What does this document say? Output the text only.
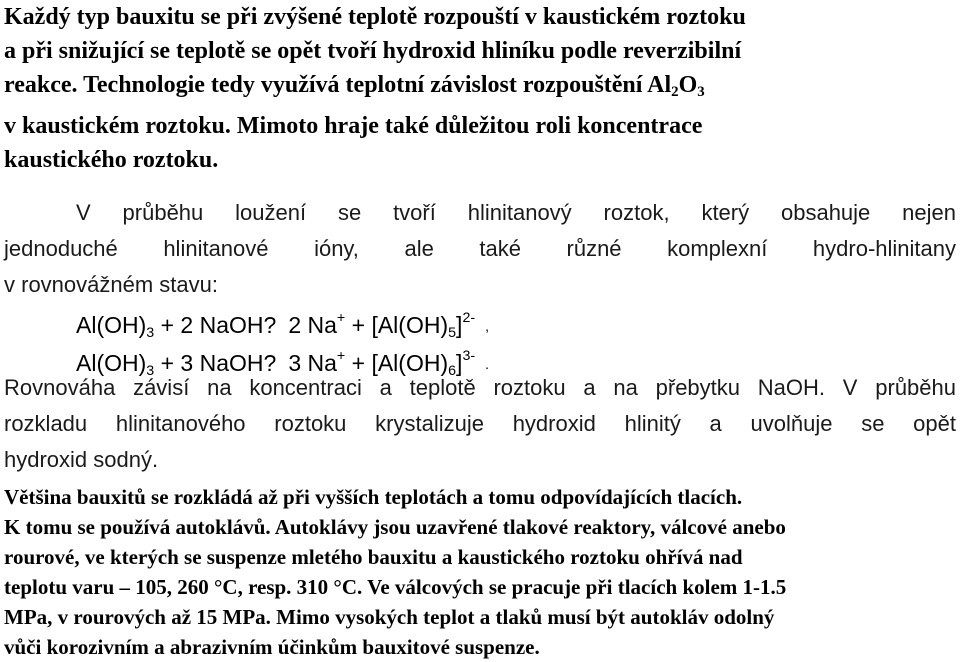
Každý typ bauxitu se při zvýšené teplotě rozpouští v kaustickém roztoku
a při snižující se teplotě se opět tvoří hydroxid hliníku podle reverzibilní
reakce. Technologie tedy využívá teplotní závislost rozpouštění $Al_2O_3$
v kaustickém roztoku. Mimoto hraje také důležitou roli koncentrace
kaustického roztoku.
V průběhu loužení se tvoří hlinitanový roztok, který obsahuje nejen
jednoduché hlinitanové ióny, ale také různé komplexní hydro-hlinitany
v rovnovážném stavu:
$Al(OH)_3 + 2$ NaOH? 2 $Na^+ + [Al(OH)_5]^{2-}$ ,
$Al(OH)_3 + 3$ NaOH? 3 $Na^+ + [Al(OH)_6]^{3-}$ .
Rovnováha závisí na koncentraci a teplotě roztoku a na přebytku NaOH. V průběhu
rozkladu hlinitanového roztoku krystalizuje hydroxid hlinitý a uvolňuje se opět
hydroxid sodný.
Většina bauxitů se rozkládá až při vyšších teplotách a tomu odpovídajících tlacích.
K tomu se používá autoklávů. Autoklávy jsou uzavřené tlakové reaktory, válcové anebo
rourové, ve kterých se suspenze mletého bauxitu a kaustického roztoku ohřívá nad
teplotu varu – 105, 260 °C, resp. 310 °C. Ve válcových se pracuje při tlacích kolem 1-1.5
MPa, v rourových až 15 MPa. Mimo vysokých teplot a tlaků musí být autokláv odolný
vůči korozivním a abrazivním účinkům bauxitové suspenze.
